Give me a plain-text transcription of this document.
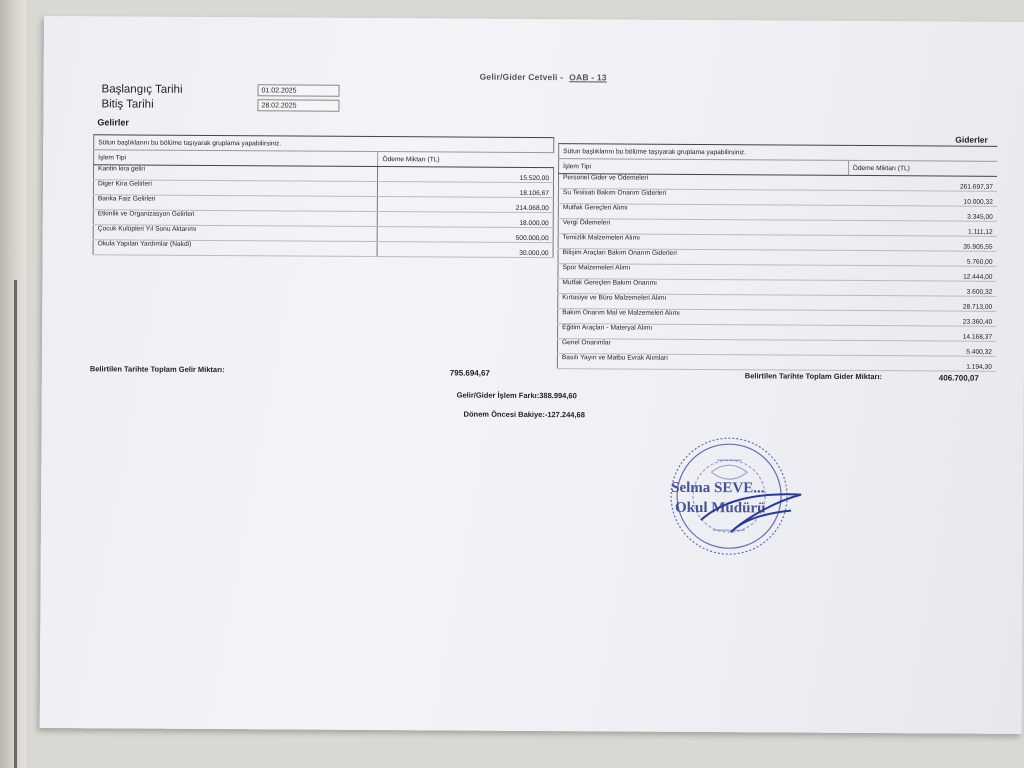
Gelir/Gider Cetveli - OAB - 13
Başlangıç Tarihi	01.02.2025
Bitiş Tarihi	28.02.2025
Gelirler
Giderler
Sütun başlıklarını bu bölüme taşıyarak gruplama yapabilirsiniz.	
İşlem Tipi	Ödeme Miktarı (TL)
Kantin kira geliri	15.520,00
Diger Kira Gelirleri	18.106,67
Banka Faiz Gelirleri	214.068,00
Etkinlik ve Organizasyon Gelirleri	18.000,00
Çocuk Kulüpleri Yıl Sonu Aktarımı	500.000,00
Okula Yapılan Yardımlar (Nakdi)	30.000,00
Sütun başlıklarını bu bölüme taşıyarak gruplama yapabilirsiniz.	
İşlem Tipi	Ödeme Miktarı (TL)
Personel Gider ve Ödemeleri	261.697,37
Su Tesisatı Bakım Onarım Giderleri	10.000,32
Mutfak Gereçleri Alımı	3.345,00
Vergi Ödemeleri	1.111,12
Temizlik Malzemeleri Alımı	35.905,55
Bilişim Araçları Bakım Onarım Giderleri	5.760,00
Spor Malzemeleri Alımı	12.444,00
Mutfak Gereçleri Bakım Onarımı	3.600,32
Kırtasiye ve Büro Malzemeleri Alımı	28.713,00
Bakım Onarım Mal ve Malzemeleri Alımı	23.360,40
Eğitim Araçları - Materyal Alımı	14.168,37
Genel Onarımlar	5.400,32
Basılı Yayın ve Matbu Evrak Alımları	1.194,30
Belirtilen Tarihte Toplam Gelir Miktarı:	795.694,67	Belirtilen Tarihte Toplam Gider Miktarı:	406.700,07
Gelir/Gider İşlem Farkı:388.994,60
Dönem Öncesi Bakiye:-127.244,68
Selma SEVE...
Okul Müdürü
